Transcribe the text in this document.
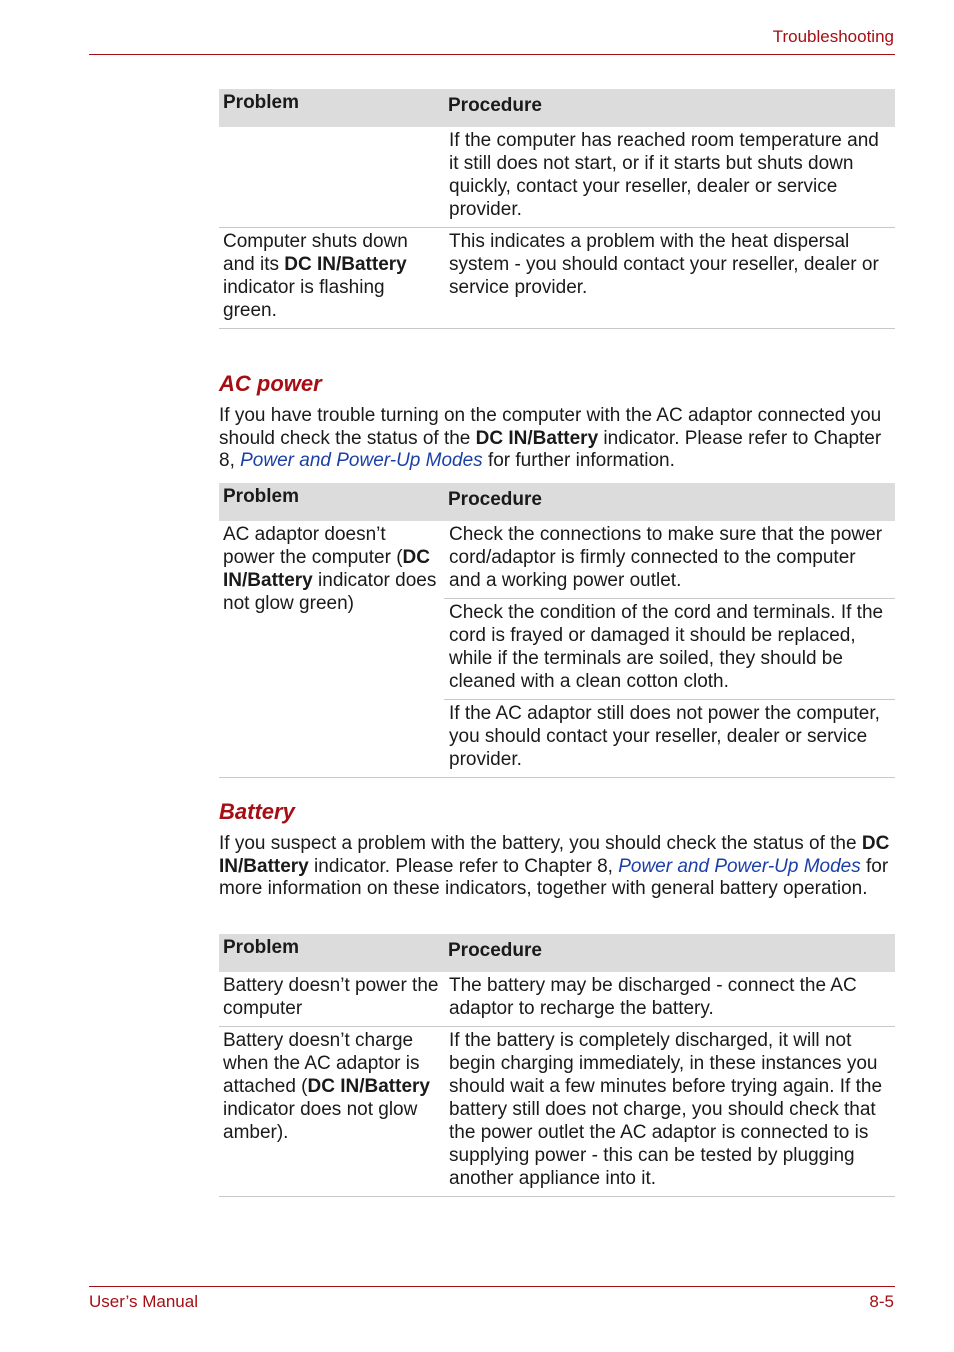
Troubleshooting
Problem	Procedure
	If the computer has reached room temperature and it still does not start, or if it starts but shuts down quickly, contact your reseller, dealer or service provider.
Computer shuts down and its DC IN/Battery indicator is flashing green.	This indicates a problem with the heat dispersal system - you should contact your reseller, dealer or service provider.
AC power

If you have trouble turning on the computer with the AC adaptor connected you should check the status of the DC IN/Battery indicator. Please refer to Chapter 8, Power and Power-Up Modes for further information.

Problem	Procedure
AC adaptor doesn’t power the computer (DC IN/Battery indicator does not glow green)	Check the connections to make sure that the power cord/adaptor is firmly connected to the computer and a working power outlet.
	Check the condition of the cord and terminals. If the cord is frayed or damaged it should be replaced, while if the terminals are soiled, they should be cleaned with a clean cotton cloth.
	If the AC adaptor still does not power the computer, you should contact your reseller, dealer or service provider.
Battery

If you suspect a problem with the battery, you should check the status of the DC IN/Battery indicator. Please refer to Chapter 8, Power and Power-Up Modes for more information on these indicators, together with general battery operation.

Problem	Procedure
Battery doesn’t power the computer	The battery may be discharged - connect the AC adaptor to recharge the battery.
Battery doesn’t charge when the AC adaptor is attached (DC IN/Battery indicator does not glow amber).	If the battery is completely discharged, it will not begin charging immediately, in these instances you should wait a few minutes before trying again. If the battery still does not charge, you should check that the power outlet the AC adaptor is connected to is supplying power - this can be tested by plugging another appliance into it.
User’s Manual	8-5
